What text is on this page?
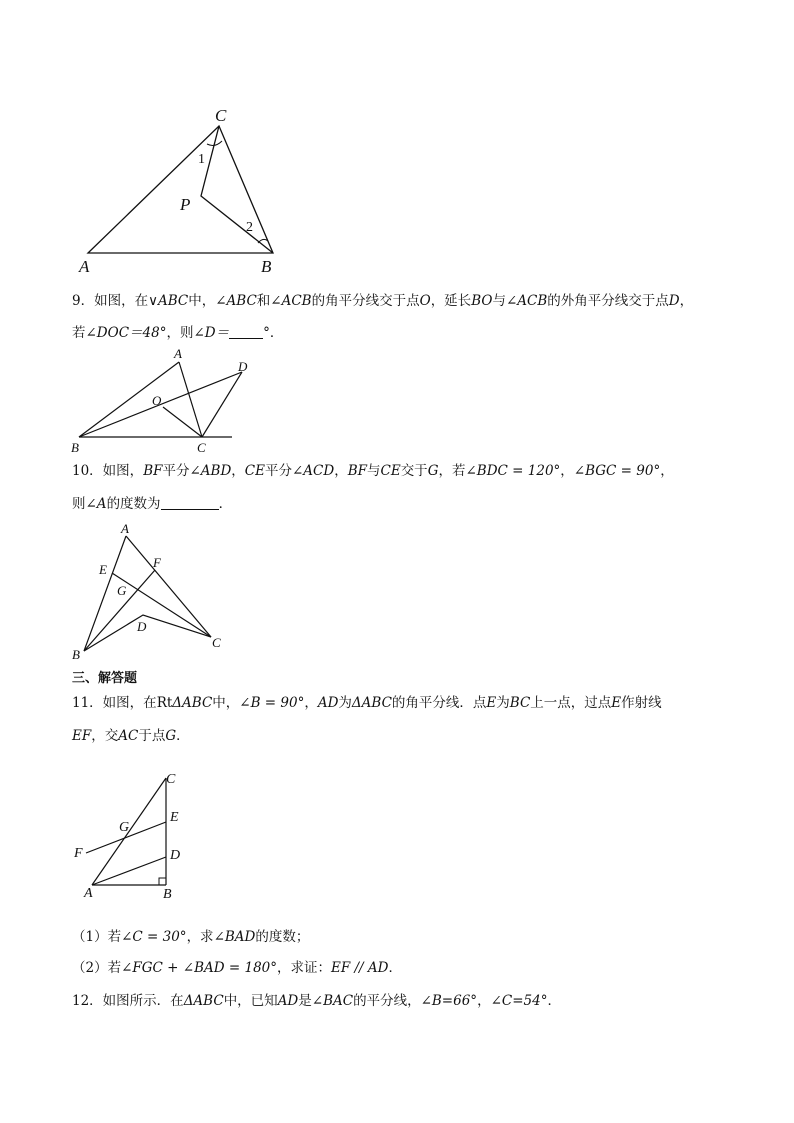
C
A	B
P
1
2
9．如图，在∨ABC中，∠ABC和∠ACB的角平分线交于点O，延长BO与∠ACB的外角平分线交于点D，
若∠DOC＝48°，则∠D＝	°．
A
D
O
B	C
10．如图，BF平分∠ABD，CE平分∠ACD，BF与CE交于G，若∠BDC = 120°，∠BGC = 90°，
则∠A的度数为	．
A
E	F
G
D
B
C
三、解答题
11．如图，在RtΔABC中，∠B = 90°，AD为ΔABC的角平分线．点E为BC上一点，过点E作射线
EF，交AC于点G．
C
E
G
F	D
A	B
（1）若∠C = 30°，求∠BAD的度数；
（2）若∠FGC + ∠BAD = 180°，求证：EF // AD．
12．如图所示．在ΔABC中，已知AD是∠BAC的平分线，∠B=66°，∠C=54°．
